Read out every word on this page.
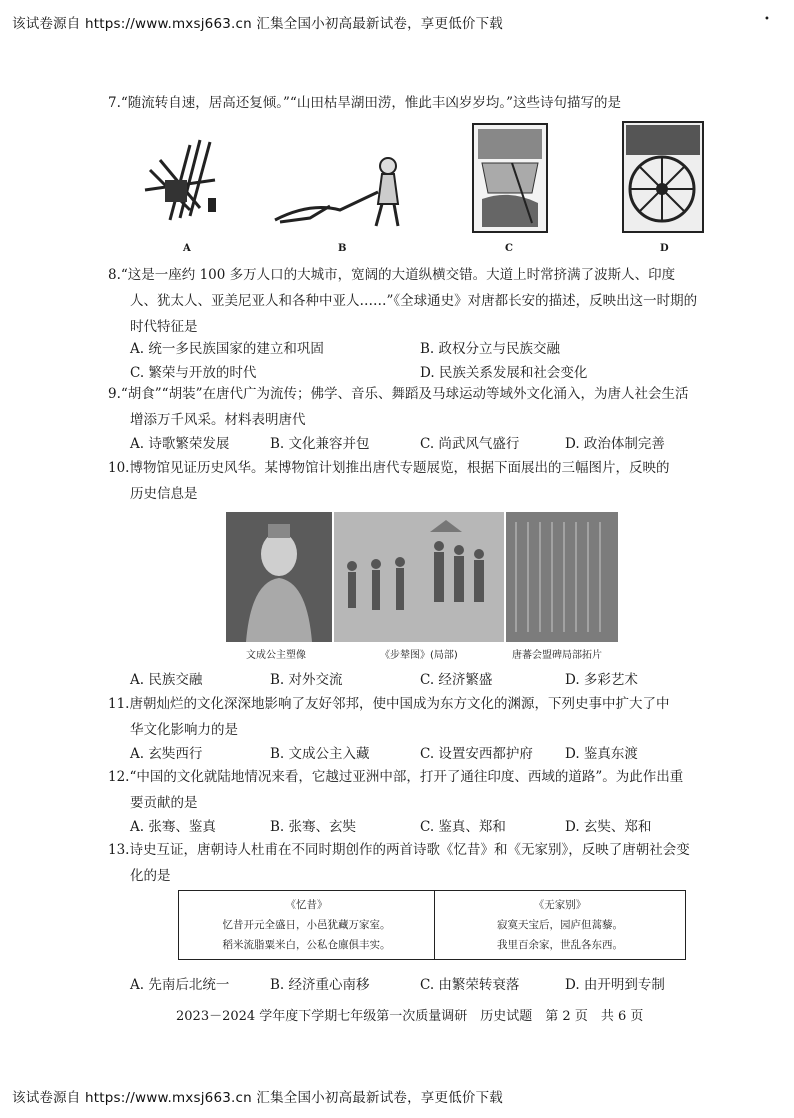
该试卷源自 https://www.mxsj663.cn 汇集全国小初高最新试卷，享更低价下载	•
7.“随流转自速，居高还复倾。”“山田枯旱湖田涝，惟此丰凶岁岁均。”这些诗句描写的是
A	B	C	D
8.“这是一座约 100 多万人口的大城市，宽阔的大道纵横交错。大道上时常挤满了波斯人、印度
人、犹太人、亚美尼亚人和各种中亚人……”《全球通史》对唐都长安的描述，反映出这一时期的
时代特征是
A. 统一多民族国家的建立和巩固	B. 政权分立与民族交融
C. 繁荣与开放的时代	D. 民族关系发展和社会变化
9.“胡食”“胡装”在唐代广为流传；佛学、音乐、舞蹈及马球运动等域外文化涌入，为唐人社会生活
增添万千风采。材料表明唐代
A. 诗歌繁荣发展	B. 文化兼容并包	C. 尚武风气盛行	D. 政治体制完善
10.博物馆见证历史风华。某博物馆计划推出唐代专题展览，根据下面展出的三幅图片，反映的
历史信息是
文成公主塑像	《步辇图》(局部)	唐蕃会盟碑局部拓片
A. 民族交融	B. 对外交流	C. 经济繁盛	D. 多彩艺术
11.唐朝灿烂的文化深深地影响了友好邻邦，使中国成为东方文化的渊源，下列史事中扩大了中
华文化影响力的是
A. 玄奘西行	B. 文成公主入藏	C. 设置安西都护府 D. 鉴真东渡
12.“中国的文化就陆地情况来看，它越过亚洲中部，打开了通往印度、西域的道路”。为此作出重
要贡献的是
A. 张骞、鉴真	B. 张骞、玄奘	C. 鉴真、郑和	D. 玄奘、郑和
13.诗史互证，唐朝诗人杜甫在不同时期创作的两首诗歌《忆昔》和《无家别》，反映了唐朝社会变
化的是
《忆昔》
忆昔开元全盛日，小邑犹藏万家室。
稻米流脂粟米白，公私仓廪俱丰实。
《无家别》
寂寞天宝后，园庐但蒿藜。
我里百余家，世乱各东西。
A. 先南后北统一	B. 经济重心南移	C. 由繁荣转衰落	D. 由开明到专制
2023－2024 学年度下学期七年级第一次质量调研　历史试题　第 2 页　共 6 页
该试卷源自 https://www.mxsj663.cn 汇集全国小初高最新试卷，享更低价下载
